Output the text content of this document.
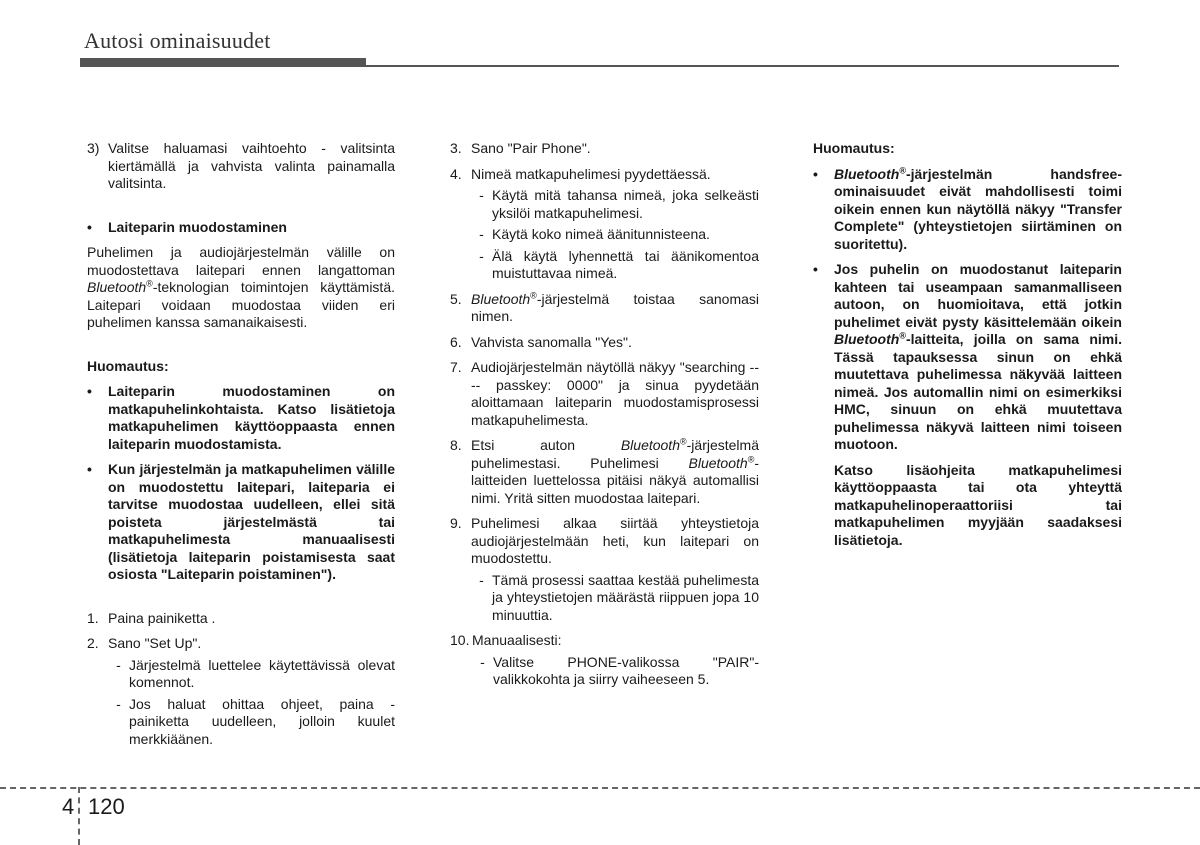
Autosi ominaisuudet
3) Valitse haluamasi vaihtoehto - valitsinta kiertämällä ja vahvista valinta painamalla valitsinta.
•	Laiteparin muodostaminen

Puhelimen ja audiojärjestelmän välille on muodostettava laitepari ennen langattoman Bluetooth®-teknologian toimintojen käyttämistä. Laitepari voidaan muodostaa viiden eri puhelimen kanssa samanaikaisesti.

Huomautus:
•	Laiteparin muodostaminen on matkapuhelinkohtaista. Katso lisätietoja matkapuhelimen käyttöoppaasta ennen laiteparin muodostamista.
•	Kun järjestelmän ja matkapuhelimen välille on muodostettu laitepari, laiteparia ei tarvitse muodostaa uudelleen, ellei sitä poisteta järjestelmästä tai matkapuhelimesta manuaalisesti (lisätietoja laiteparin poistamisesta saat osiosta "Laiteparin poistaminen").
1. Paina painiketta .
2. Sano "Set Up".
- Järjestelmä luettelee käytettävissä olevat komennot.
- Jos haluat ohittaa ohjeet, paina - painiketta uudelleen, jolloin kuulet merkkiäänen.
3. Sano "Pair Phone".
4. Nimeä matkapuhelimesi pyydettäessä.
- Käytä mitä tahansa nimeä, joka selkeästi yksilöi matkapuhelimesi.
- Käytä koko nimeä äänitunnisteena.
- Älä käytä lyhennettä tai äänikomentoa muistuttavaa nimeä.
5. Bluetooth®-järjestelmä toistaa sanomasi nimen.
6. Vahvista sanomalla "Yes".
7. Audiojärjestelmän näytöllä näkyy "searching ---- passkey: 0000" ja sinua pyydetään aloittamaan laiteparin muodostamisprosessi matkapuhelimesta.
8. Etsi auton Bluetooth®-järjestelmä puhelimestasi. Puhelimesi Bluetooth®-laitteiden luettelossa pitäisi näkyä automallisi nimi. Yritä sitten muodostaa laitepari.
9. Puhelimesi alkaa siirtää yhteystietoja audiojärjestelmään heti, kun laitepari on muodostettu.
- Tämä prosessi saattaa kestää puhelimesta ja yhteystietojen määrästä riippuen jopa 10 minuuttia.
10. Manuaalisesti:
- Valitse PHONE-valikossa "PAIR"-valikkokohta ja siirry vaiheeseen 5.
Huomautus:
•	Bluetooth®-järjestelmän handsfree-ominaisuudet eivät mahdollisesti toimi oikein ennen kun näytöllä näkyy "Transfer Complete" (yhteystietojen siirtäminen on suoritettu).
•	Jos puhelin on muodostanut laiteparin kahteen tai useampaan samanmalliseen autoon, on huomioitava, että jotkin puhelimet eivät pysty käsittelemään oikein Bluetooth®-laitteita, joilla on sama nimi. Tässä tapauksessa sinun on ehkä muutettava puhelimessa näkyvää laitteen nimeä. Jos automallin nimi on esimerkiksi HMC, sinuun on ehkä muutettava puhelimessa näkyvä laitteen nimi toiseen muotoon.
Katso lisäohjeita matkapuhelimesi käyttöoppaasta tai ota yhteyttä matkapuhelinoperaattoriisi tai matkapuhelimen myyjään saadaksesi lisätietoja.
4 120
